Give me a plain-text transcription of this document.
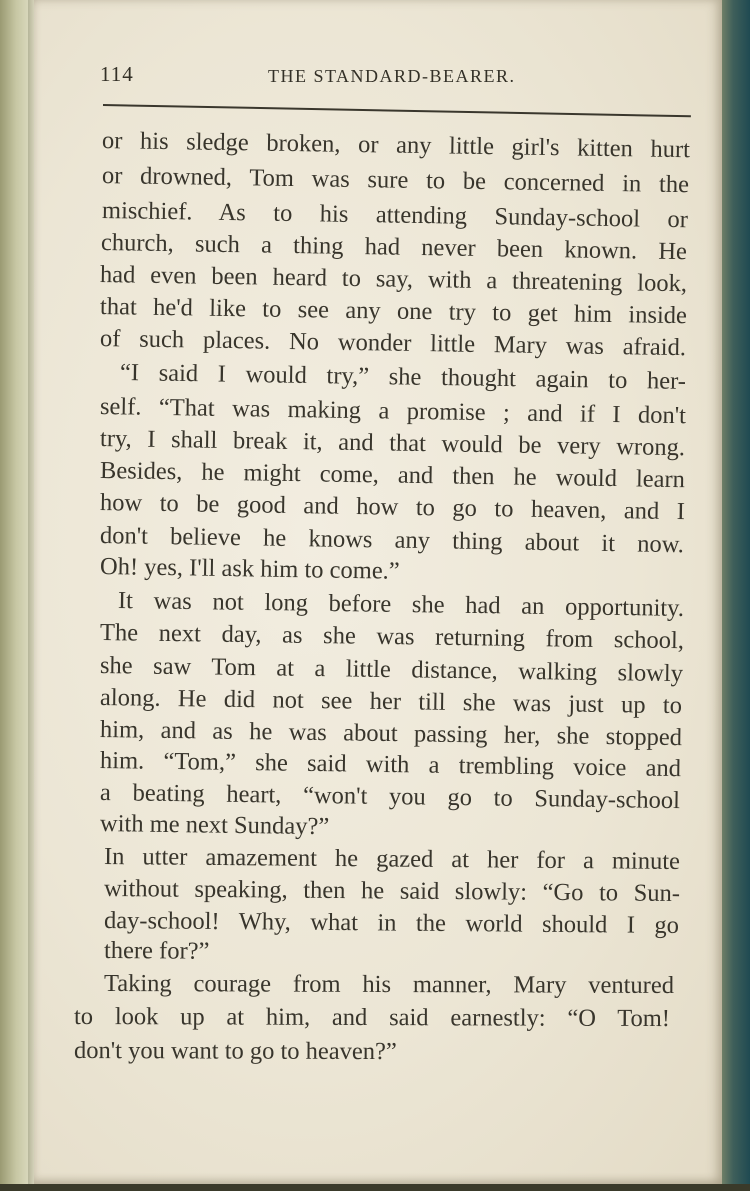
114	THE STANDARD-BEARER.
or his sledge broken, or any little girl's kitten hurt
or drowned, Tom was sure to be concerned in the
mischief. As to his attending Sunday-school or
church, such a thing had never been known. He
had even been heard to say, with a threatening look,
that he'd like to see any one try to get him inside
of such places. No wonder little Mary was afraid.
“I said I would try,” she thought again to her-
self. “That was making a promise ; and if I don't
try, I shall break it, and that would be very wrong.
Besides, he might come, and then he would learn
how to be good and how to go to heaven, and I
don't believe he knows any thing about it now.
Oh! yes, I'll ask him to come.”
It was not long before she had an opportunity.
The next day, as she was returning from school,
she saw Tom at a little distance, walking slowly
along. He did not see her till she was just up to
him, and as he was about passing her, she stopped
him. “Tom,” she said with a trembling voice and
a beating heart, “won't you go to Sunday-school
with me next Sunday?”
In utter amazement he gazed at her for a minute
without speaking, then he said slowly: “Go to Sun-
day-school! Why, what in the world should I go
there for?”
Taking courage from his manner, Mary ventured
to look up at him, and said earnestly: “O Tom!
don't you want to go to heaven?”
